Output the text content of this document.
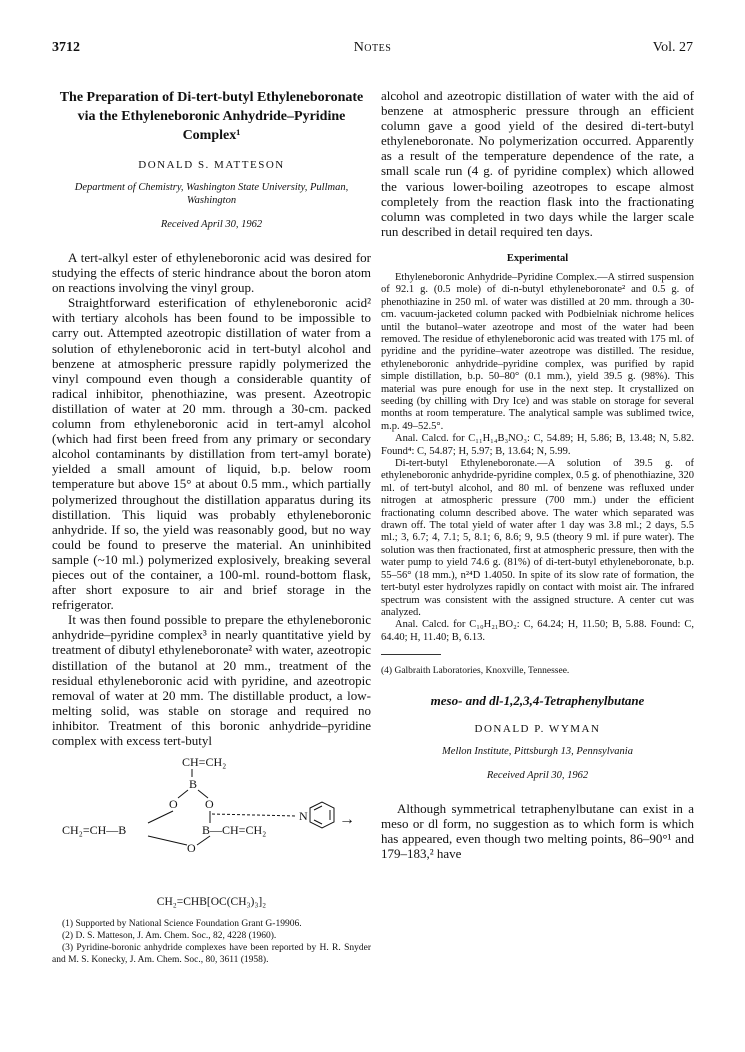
3712	Notes	Vol. 27
The Preparation of Di-tert-butyl Ethyleneboronate via the Ethyleneboronic Anhydride–Pyridine Complex¹
DONALD S. MATTESON
Department of Chemistry, Washington State University, Pullman, Washington
Received April 30, 1962

A tert-alkyl ester of ethyleneboronic acid was desired for studying the effects of steric hindrance about the boron atom on reactions involving the vinyl group.

Straightforward esterification of ethyleneboronic acid² with tertiary alcohols has been found to be impossible to carry out. Attempted azeotropic distillation of water from a solution of ethyleneboronic acid in tert-butyl alcohol and benzene at atmospheric pressure rapidly polymerized the vinyl compound even though a considerable quantity of radical inhibitor, phenothiazine, was present. Azeotropic distillation of water at 20 mm. through a 30-cm. packed column from ethyleneboronic acid in tert-amyl alcohol (which had first been freed from any primary or secondary alcohol contaminants by distillation from tert-amyl borate) yielded a small amount of liquid, b.p. below room temperature but above 15° at about 0.5 mm., which partially polymerized throughout the distillation apparatus during its distillation. This liquid was probably ethyleneboronic anhydride. If so, the yield was reasonably good, but no way could be found to preserve the material. An uninhibited sample (~10 ml.) polymerized explosively, breaking several pieces out of the container, a 100-ml. round-bottom flask, after short exposure to air and brief storage in the refrigerator.

It was then found possible to prepare the ethyleneboronic anhydride–pyridine complex³ in nearly quantitative yield by treatment of dibutyl ethyleneboronate² with water, azeotropic distillation of the butanol at 20 mm., treatment of the residual ethyleneboronic acid with pyridine, and azeotropic removal of water at 20 mm. The distillable product, a low-melting solid, was stable on storage and required no inhibitor. Treatment of this boronic anhydride–pyridine complex with excess tert-butyl

CH=CH₂
B
O O
CH₂=CH—B	B—CH=CH₂
O
N →
CH₂=CHB[OC(CH₃)₃]₂

(1) Supported by National Science Foundation Grant G-19906.

(2) D. S. Matteson, J. Am. Chem. Soc., 82, 4228 (1960).

(3) Pyridine-boronic anhydride complexes have been reported by H. R. Snyder and M. S. Konecky, J. Am. Chem. Soc., 80, 3611 (1958).

alcohol and azeotropic distillation of water with the aid of benzene at atmospheric pressure through an efficient column gave a good yield of the desired di-tert-butyl ethyleneboronate. No polymerization occurred. Apparently as a result of the temperature dependence of the rate, a small scale run (4 g. of pyridine complex) which allowed the various lower-boiling azeotropes to escape almost completely from the reaction flask into the fractionating column was completed in two days while the larger scale run described in detail required ten days.

Experimental

Ethyleneboronic Anhydride–Pyridine Complex.—A stirred suspension of 92.1 g. (0.5 mole) of di-n-butyl ethyleneboronate² and 0.5 g. of phenothiazine in 250 ml. of water was distilled at 20 mm. through a 30-cm. vacuum-jacketed column packed with Podbielniak nichrome helices until the butanol–water azeotrope and most of the water had been removed. The residue of ethyleneboronic acid was treated with 175 ml. of pyridine and the pyridine–water azeotrope was distilled. The residue, ethyleneboronic anhydride–pyridine complex, was purified by rapid simple distillation, b.p. 50–80° (0.1 mm.), yield 39.5 g. (98%). This material was pure enough for use in the next step. It crystallized on seeding (by chilling with Dry Ice) and was stable on storage for several months at room temperature. The analytical sample was sublimed twice, m.p. 49–52.5°.

Anal. Calcd. for C₁₁H₁₄B₃NO₃: C, 54.89; H, 5.86; B, 13.48; N, 5.82. Found⁴: C, 54.87; H, 5.97; B, 13.64; N, 5.99.

Di-tert-butyl Ethyleneboronate.—A solution of 39.5 g. of ethyleneboronic anhydride-pyridine complex, 0.5 g. of phenothiazine, 320 ml. of tert-butyl alcohol, and 80 ml. of benzene was refluxed under nitrogen at atmospheric pressure (700 mm.) under the efficient fractionating column described above. The water which separated was drawn off. The total yield of water after 1 day was 3.8 ml.; 2 days, 5.5 ml.; 3, 6.7; 4, 7.1; 5, 8.1; 6, 8.6; 9, 9.5 (theory 9 ml. if pure water). The solution was then fractionated, first at atmospheric pressure, then with the water pump to yield 74.6 g. (81%) of di-tert-butyl ethyleneboronate, b.p. 55–56° (18 mm.), n²⁴D 1.4050. In spite of its slow rate of formation, the tert-butyl ester hydrolyzes rapidly on contact with moist air. The infrared spectrum was consistent with the assigned structure. A center cut was analyzed.

Anal. Calcd. for C₁₀H₂₁BO₂: C, 64.24; H, 11.50; B, 5.88. Found: C, 64.40; H, 11.40; B, 6.13.

(4) Galbraith Laboratories, Knoxville, Tennessee.
meso- and dl-1,2,3,4-Tetraphenylbutane
DONALD P. WYMAN
Mellon Institute, Pittsburgh 13, Pennsylvania
Received April 30, 1962

Although symmetrical tetraphenylbutane can exist in a meso or dl form, no suggestion as to which form is which has appeared, even though two melting points, 86–90°¹ and 179–183,² have
